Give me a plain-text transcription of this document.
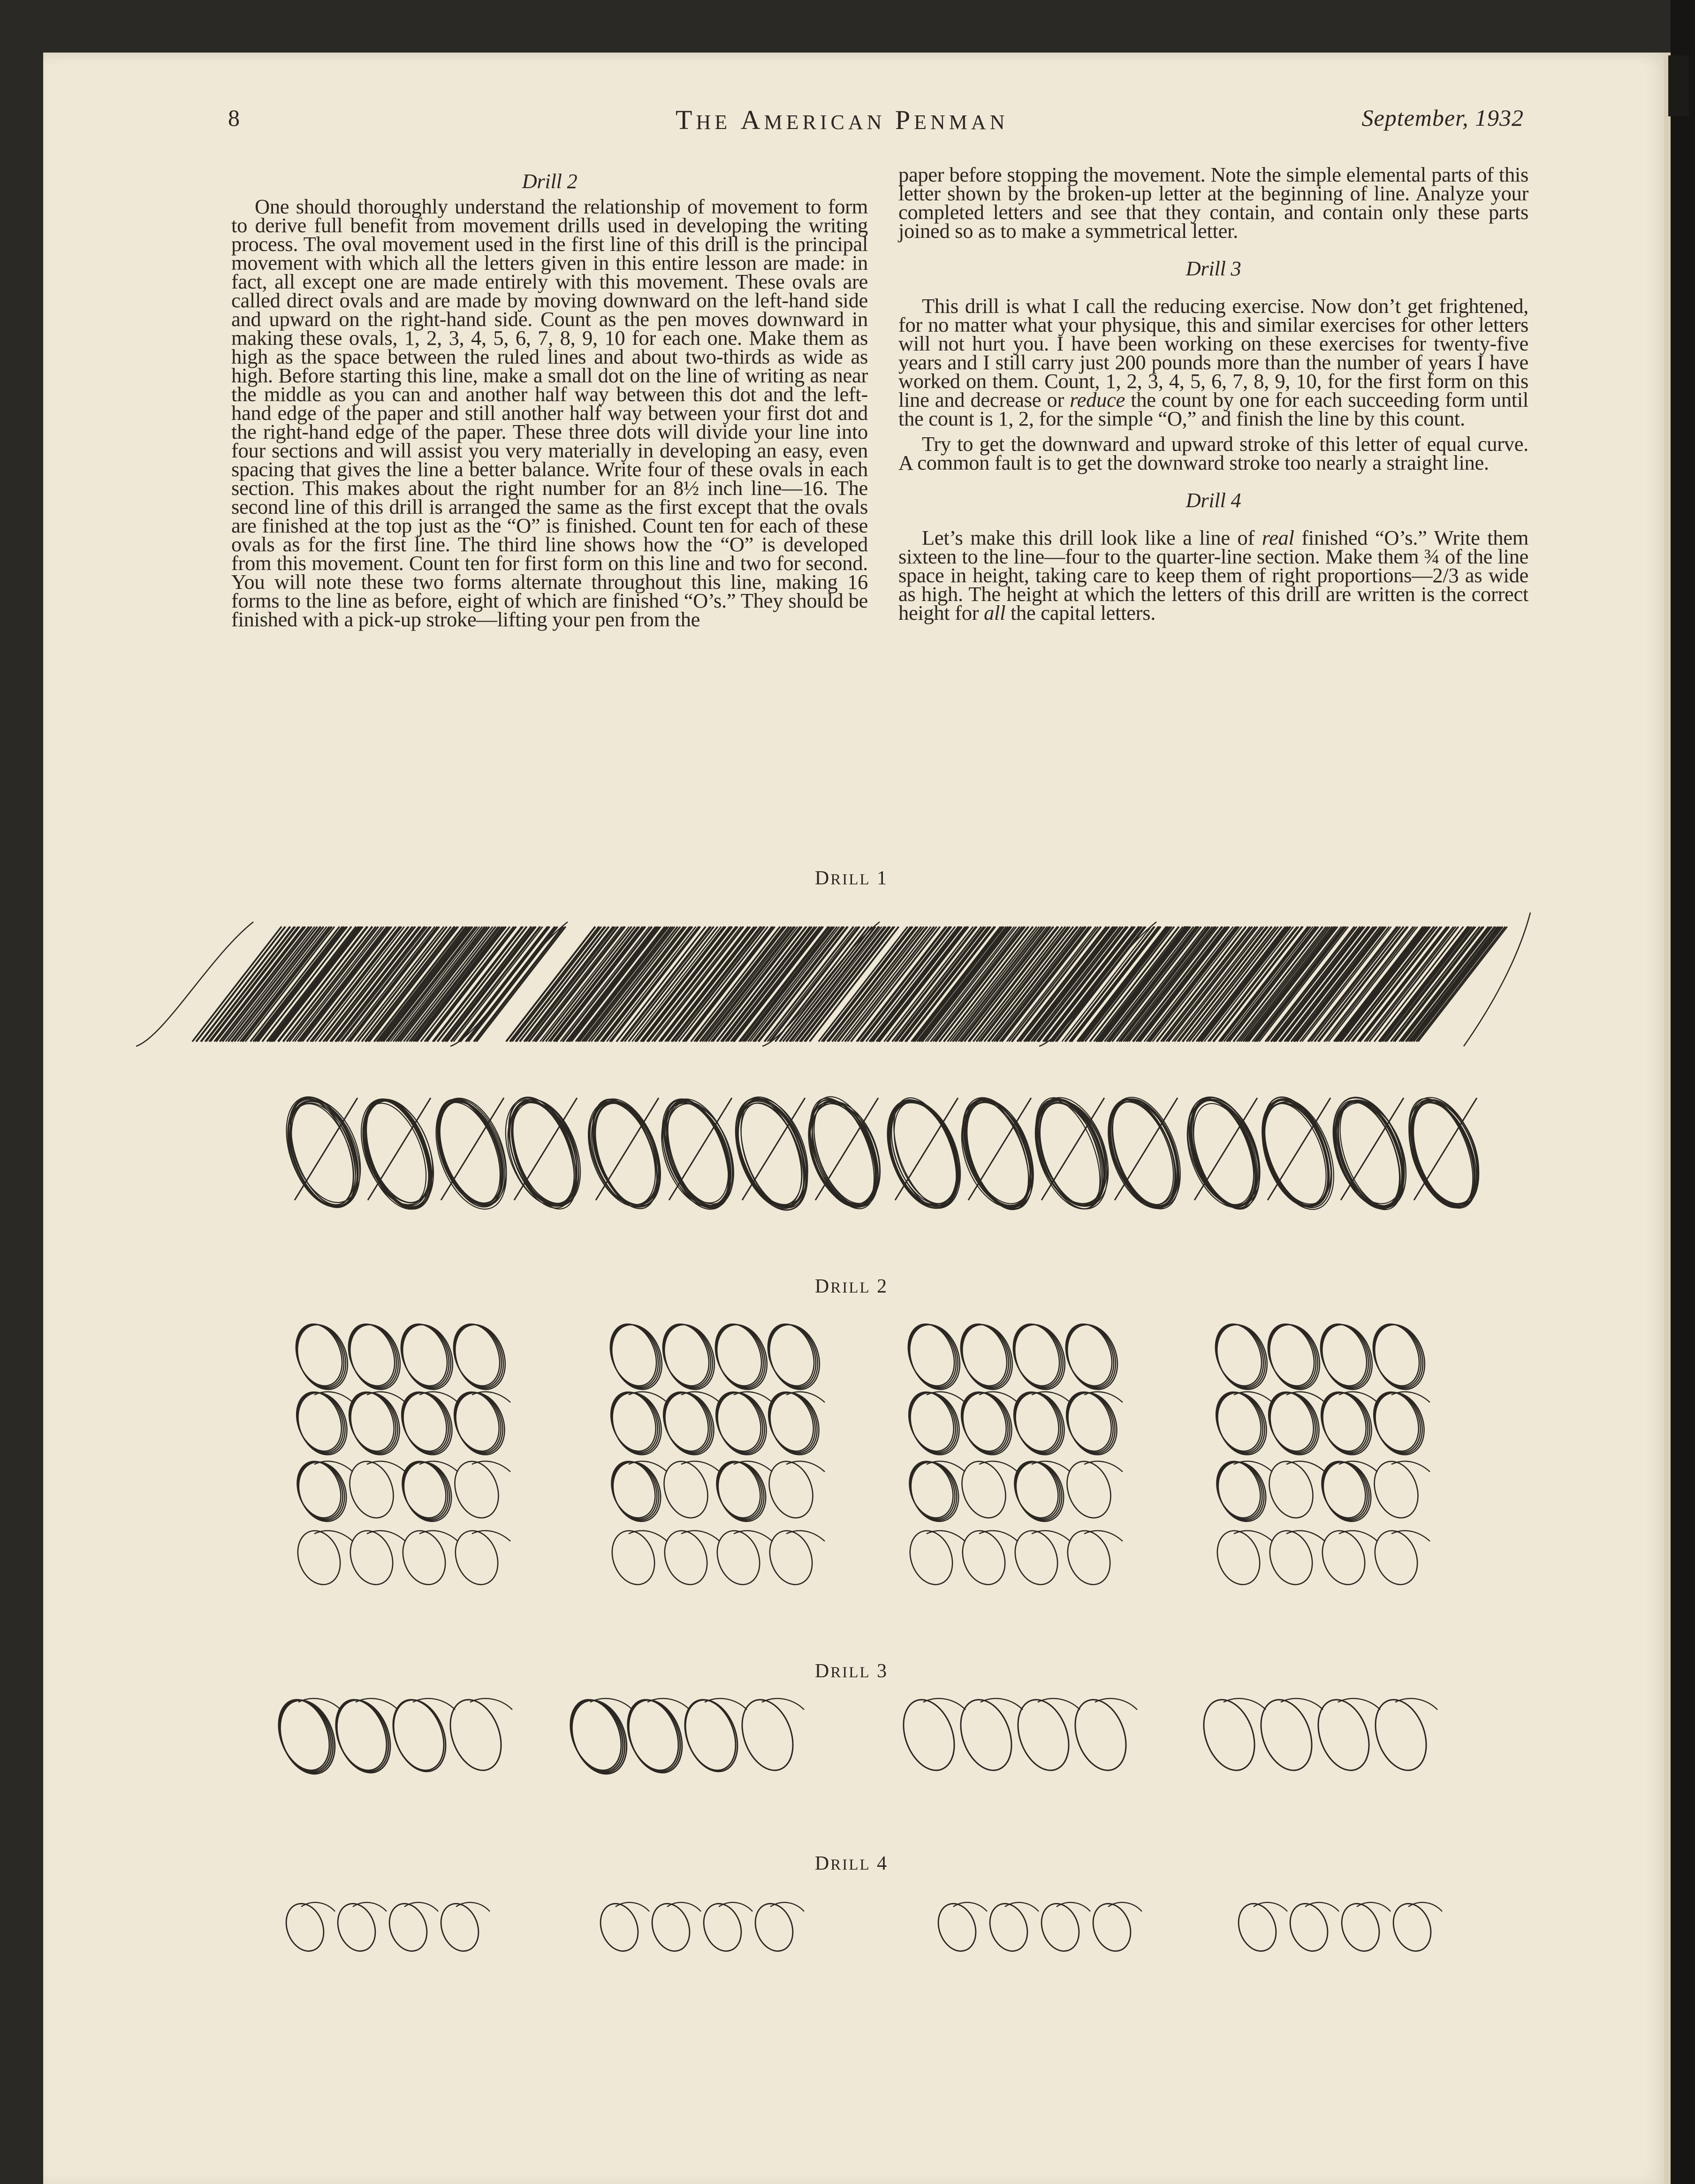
8	THE AMERICAN PENMAN	September, 1932
Drill 2

One should thoroughly understand the relationship of movement to form to derive full benefit from movement drills used in developing the writing process. The oval movement used in the first line of this drill is the principal movement with which all the letters given in this entire lesson are made: in fact, all except one are made entirely with this movement. These ovals are called direct ovals and are made by moving downward on the left-hand side and upward on the right-hand side. Count as the pen moves downward in making these ovals, 1, 2, 3, 4, 5, 6, 7, 8, 9, 10 for each one. Make them as high as the space between the ruled lines and about two-thirds as wide as high. Before starting this line, make a small dot on the line of writing as near the middle as you can and another half way between this dot and the left-hand edge of the paper and still another half way between your first dot and the right-hand edge of the paper. These three dots will divide your line into four sections and will assist you very materially in developing an easy, even spacing that gives the line a better balance. Write four of these ovals in each section. This makes about the right number for an 8½ inch line—16. The second line of this drill is arranged the same as the first except that the ovals are finished at the top just as the “O” is finished. Count ten for each of these ovals as for the first line. The third line shows how the “O” is developed from this movement. Count ten for first form on this line and two for second. You will note these two forms alternate throughout this line, making 16 forms to the line as before, eight of which are finished “O’s.” They should be finished with a pick-up stroke—lifting your pen from the

paper before stopping the movement. Note the simple elemental parts of this letter shown by the broken-up letter at the beginning of line. Analyze your completed letters and see that they contain, and contain only these parts joined so as to make a symmetrical letter.

Drill 3

This drill is what I call the reducing exercise. Now don’t get frightened, for no matter what your physique, this and similar exercises for other letters will not hurt you. I have been working on these exercises for twenty-five years and I still carry just 200 pounds more than the number of years I have worked on them. Count, 1, 2, 3, 4, 5, 6, 7, 8, 9, 10, for the first form on this line and decrease or reduce the count by one for each succeeding form until the count is 1, 2, for the simple “O,” and finish the line by this count.

Try to get the downward and upward stroke of this letter of equal curve. A common fault is to get the downward stroke too nearly a straight line.

Drill 4

Let’s make this drill look like a line of real finished “O’s.” Write them sixteen to the line—four to the quarter-line section. Make them ¾ of the line space in height, taking care to keep them of right proportions—2/3 as wide as high. The height at which the letters of this drill are written is the correct height for all the capital letters.

DRILL 1
DRILL 2
DRILL 3
DRILL 4
